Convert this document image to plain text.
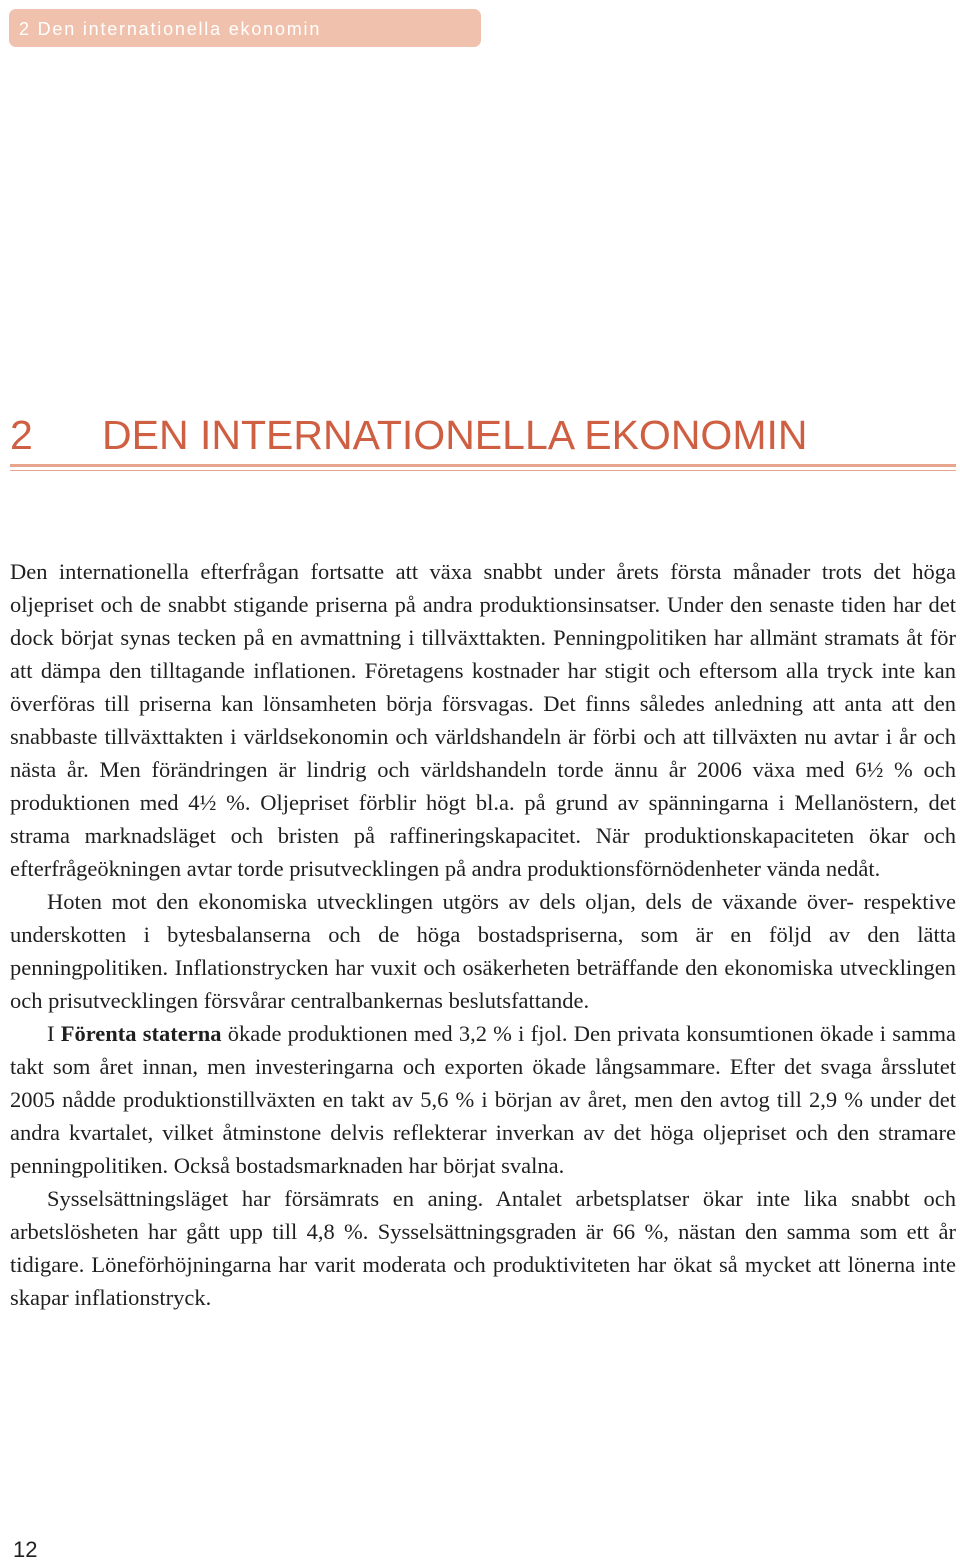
2 Den internationella ekonomin
2 DEN INTERNATIONELLA EKONOMIN

Den internationella efterfrågan fortsatte att växa snabbt under årets första månader trots det höga oljepriset och de snabbt stigande priserna på andra produktionsinsatser. Under den senaste tiden har det dock börjat synas tecken på en avmattning i tillväxttakten. Penningpolitiken har allmänt stramats åt för att dämpa den tilltagande inflationen. Företagens kostnader har stigit och eftersom alla tryck inte kan överföras till priserna kan lönsamheten börja försvagas. Det finns således anledning att anta att den snabbaste tillväxttakten i världsekonomin och världshandeln är förbi och att tillväxten nu avtar i år och nästa år. Men förändringen är lindrig och världshandeln torde ännu år 2006 växa med 6½ % och produktionen med 4½ %. Oljepriset förblir högt bl.a. på grund av spänningarna i Mellanöstern, det strama marknadsläget och bristen på raffineringskapacitet. När produktionskapaciteten ökar och efterfrågeökningen avtar torde prisutvecklingen på andra produktionsförnödenheter vända nedåt.

Hoten mot den ekonomiska utvecklingen utgörs av dels oljan, dels de växande över- respektive underskotten i bytesbalanserna och de höga bostadspriserna, som är en följd av den lätta penningpolitiken. Inflationstrycken har vuxit och osäkerheten beträffande den ekonomiska utvecklingen och prisutvecklingen försvårar centralbankernas beslutsfattande.

I Förenta staterna ökade produktionen med 3,2 % i fjol. Den privata konsumtionen ökade i samma takt som året innan, men investeringarna och exporten ökade långsammare. Efter det svaga årsslutet 2005 nådde produktionstillväxten en takt av 5,6 % i början av året, men den avtog till 2,9 % under det andra kvartalet, vilket åtminstone delvis reflekterar inverkan av det höga oljepriset och den stramare penningpolitiken. Också bostadsmarknaden har börjat svalna.

Sysselsättningsläget har försämrats en aning. Antalet arbetsplatser ökar inte lika snabbt och arbetslösheten har gått upp till 4,8 %. Sysselsättningsgraden är 66 %, nästan den samma som ett år tidigare. Löneförhöjningarna har varit moderata och produktiviteten har ökat så mycket att lönerna inte skapar inflationstryck.

12
